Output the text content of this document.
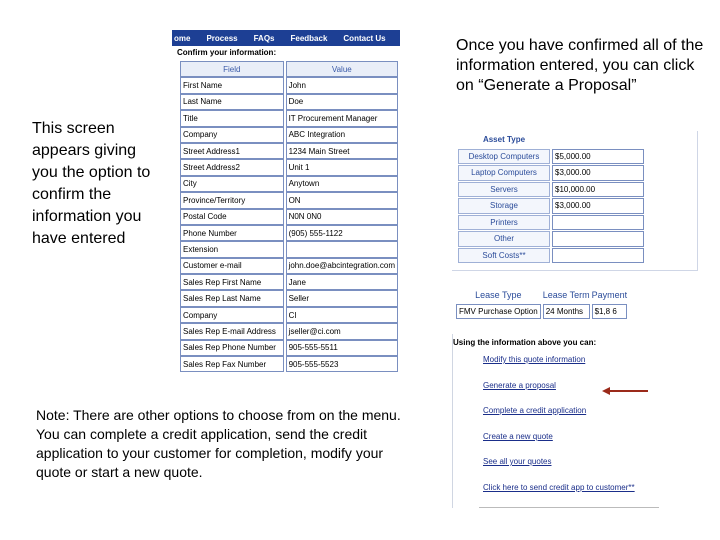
This screen appears giving you the option to confirm the information you have entered
Once you have confirmed all of the information entered, you can click on “Generate a Proposal”
Note: There are other options to choose from on the menu. You can complete a credit application, send the credit application to your customer for completion, modify your quote or start a new quote.
ome	Process	FAQs	Feedback	Contact Us
Confirm your information:
Field	Value
First Name	John
Last Name	Doe
Title	IT Procurement Manager
Company	ABC Integration
Street Address1	1234 Main Street
Street Address2	Unit 1
City	Anytown
Province/Territory	ON
Postal Code	N0N 0N0
Phone Number	(905) 555-1122
Extension	
Customer e-mail	john.doe@abcintegration.com
Sales Rep First Name	Jane
Sales Rep Last Name	Seller
Company	CI
Sales Rep E-mail Address	jseller@ci.com
Sales Rep Phone Number	905-555-5511
Sales Rep Fax Number	905-555-5523
Asset Type	
Desktop Computers	$5,000.00
Laptop Computers	$3,000.00
Servers	$10,000.00
Storage	$3,000.00
Printers	
Other	
Soft Costs**	
Lease Type	Lease Term	Payment
FMV Purchase Option	24 Months	$1,8 6
Using the information above you can:
Modify this quote information
Generate a proposal
Complete a credit application
Create a new quote
See all your quotes
Click here to send credit app to customer**
